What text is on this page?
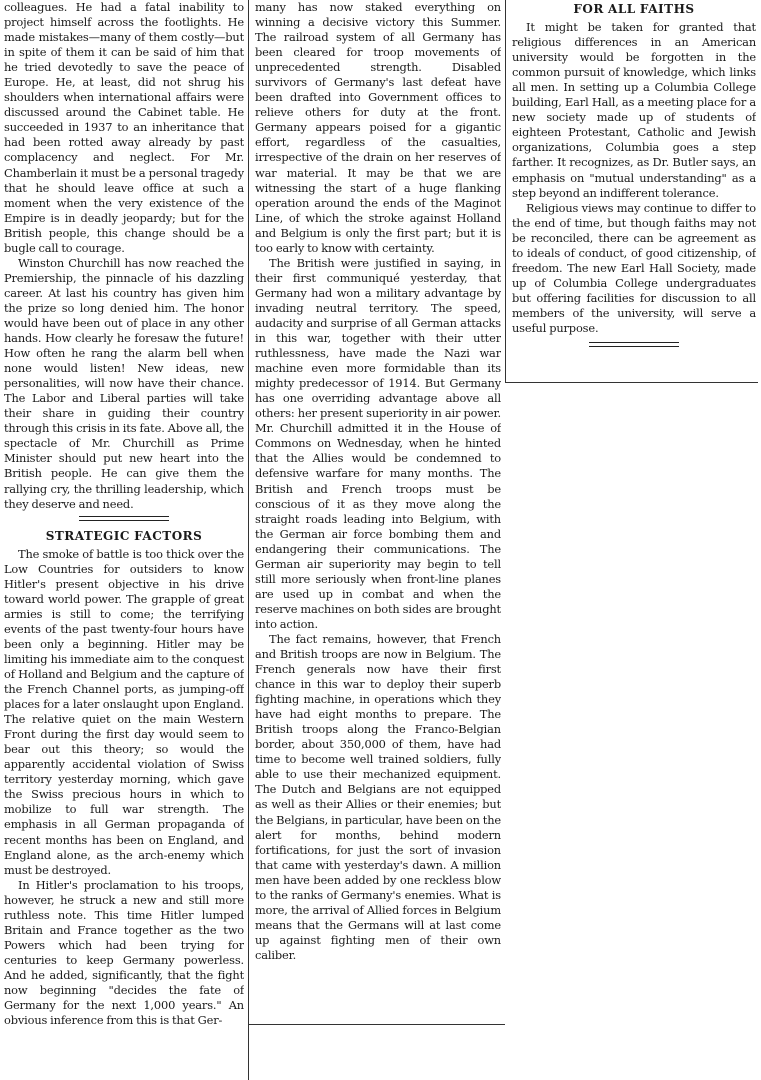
colleagues. He had a fatal inability to project himself across the footlights. He made mistakes—many of them costly—but in spite of them it can be said of him that he tried devotedly to save the peace of Europe. He, at least, did not shrug his shoulders when international affairs were discussed around the Cabinet table. He succeeded in 1937 to an inheritance that had been rotted away already by past complacency and neglect. For Mr. Chamberlain it must be a personal tragedy that he should leave office at such a moment when the very existence of the Empire is in deadly jeopardy; but for the British people, this change should be a bugle call to courage.

Winston Churchill has now reached the Premiership, the pinnacle of his dazzling career. At last his country has given him the prize so long denied him. The honor would have been out of place in any other hands. How clearly he foresaw the future! How often he rang the alarm bell when none would listen! New ideas, new personalities, will now have their chance. The Labor and Liberal parties will take their share in guiding their country through this crisis in its fate. Above all, the spectacle of Mr. Churchill as Prime Minister should put new heart into the British people. He can give them the rallying cry, the thrilling leadership, which they deserve and need.

STRATEGIC FACTORS

The smoke of battle is too thick over the Low Countries for outsiders to know Hitler's present objective in his drive toward world power. The grapple of great armies is still to come; the terrifying events of the past twenty-four hours have been only a beginning. Hitler may be limiting his immediate aim to the conquest of Holland and Belgium and the capture of the French Channel ports, as jumping-off places for a later onslaught upon England. The relative quiet on the main Western Front during the first day would seem to bear out this theory; so would the apparently accidental violation of Swiss territory yesterday morning, which gave the Swiss precious hours in which to mobilize to full war strength. The emphasis in all German propaganda of recent months has been on England, and England alone, as the arch-enemy which must be destroyed.

In Hitler's proclamation to his troops, however, he struck a new and still more ruthless note. This time Hitler lumped Britain and France together as the two Powers which had been trying for centuries to keep Germany powerless. And he added, significantly, that the fight now beginning "decides the fate of Germany for the next 1,000 years." An obvious inference from this is that Ger-

many has now staked everything on winning a decisive victory this Summer. The railroad system of all Germany has been cleared for troop movements of unprecedented strength. Disabled survivors of Germany's last defeat have been drafted into Government offices to relieve others for duty at the front. Germany appears poised for a gigantic effort, regardless of the casualties, irrespective of the drain on her reserves of war material. It may be that we are witnessing the start of a huge flanking operation around the ends of the Maginot Line, of which the stroke against Holland and Belgium is only the first part; but it is too early to know with certainty.

The British were justified in saying, in their first communiqué yesterday, that Germany had won a military advantage by invading neutral territory. The speed, audacity and surprise of all German attacks in this war, together with their utter ruthlessness, have made the Nazi war machine even more formidable than its mighty predecessor of 1914. But Germany has one overriding advantage above all others: her present superiority in air power. Mr. Churchill admitted it in the House of Commons on Wednesday, when he hinted that the Allies would be condemned to defensive warfare for many months. The British and French troops must be conscious of it as they move along the straight roads leading into Belgium, with the German air force bombing them and endangering their communications. The German air superiority may begin to tell still more seriously when front-line planes are used up in combat and when the reserve machines on both sides are brought into action.

The fact remains, however, that French and British troops are now in Belgium. The French generals now have their first chance in this war to deploy their superb fighting machine, in operations which they have had eight months to prepare. The British troops along the Franco-Belgian border, about 350,000 of them, have had time to become well trained soldiers, fully able to use their mechanized equipment. The Dutch and Belgians are not equipped as well as their Allies or their enemies; but the Belgians, in particular, have been on the alert for months, behind modern fortifications, for just the sort of invasion that came with yesterday's dawn. A million men have been added by one reckless blow to the ranks of Germany's enemies. What is more, the arrival of Allied forces in Belgium means that the Germans will at last come up against fighting men of their own caliber.

FOR ALL FAITHS

It might be taken for granted that religious differences in an American university would be forgotten in the common pursuit of knowledge, which links all men. In setting up a Columbia College building, Earl Hall, as a meeting place for a new society made up of students of eighteen Protestant, Catholic and Jewish organizations, Columbia goes a step farther. It recognizes, as Dr. Butler says, an emphasis on "mutual understanding" as a step beyond an indifferent tolerance.

Religious views may continue to differ to the end of time, but though faiths may not be reconciled, there can be agreement as to ideals of conduct, of good citizenship, of freedom. The new Earl Hall Society, made up of Columbia College undergraduates but offering facilities for discussion to all members of the university, will serve a useful purpose.
